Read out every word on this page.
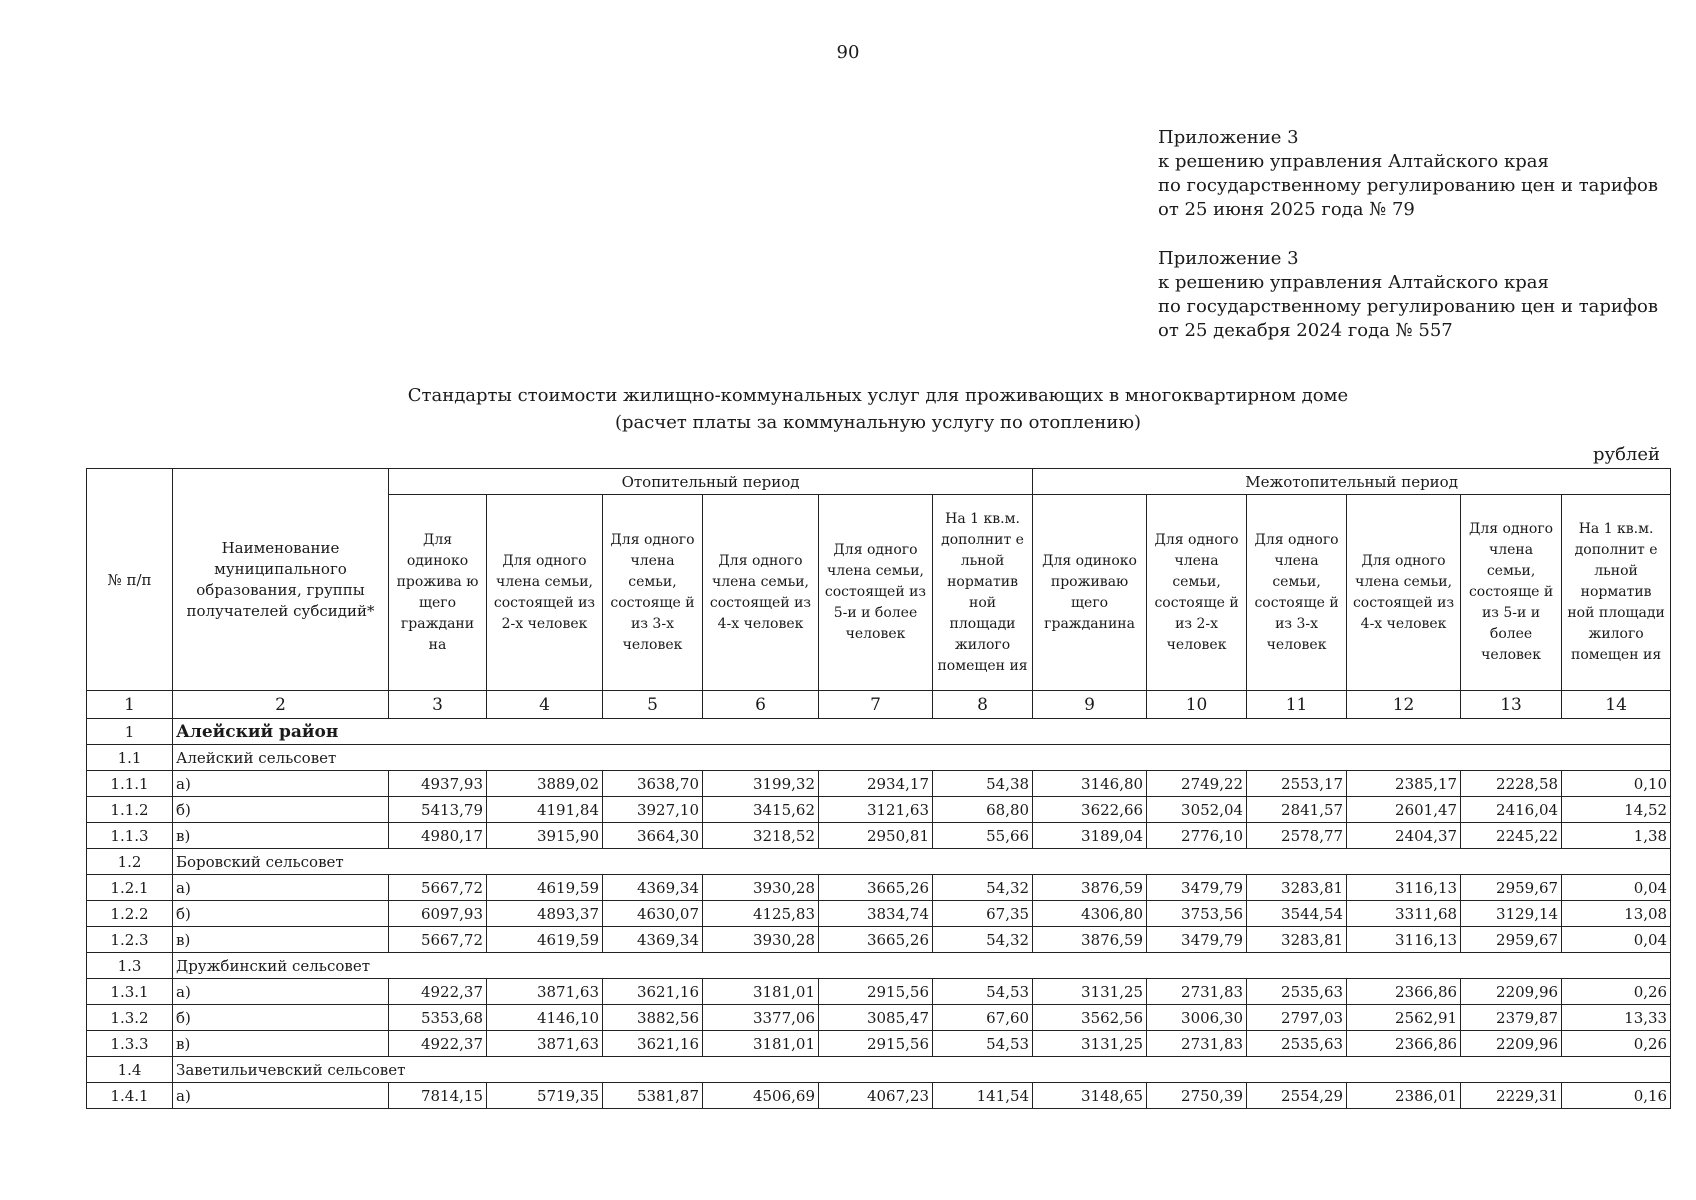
90
Приложение 3
к решению управления Алтайского края
по государственному регулированию цен и тарифов
от 25 июня 2025 года № 79
Приложение 3
к решению управления Алтайского края
по государственному регулированию цен и тарифов
от 25 декабря 2024 года № 557
Стандарты стоимости жилищно-коммунальных услуг для проживающих в многоквартирном доме
(расчет платы за коммунальную услугу по отоплению)
рублей
№ п/п	Наименование муниципального образования, группы получателей субсидий*	Отопительный период						Межотопительный период					
		Для одиноко прожива ю щего граждани на	Для одного члена семьи, состоящей из 2-х человек	Для одного члена семьи, состояще й из 3-х человек	Для одного члена семьи, состоящей из 4-х человек	Для одного члена семьи, состоящей из 5-и и более человек	На 1 кв.м. дополнит е льной норматив ной площади жилого помещен ия	Для одиноко проживаю щего гражданина	Для одного члена семьи, состояще й из 2-х человек	Для одного члена семьи, состояще й из 3-х человек	Для одного члена семьи, состоящей из 4-х человек	Для одного члена семьи, состояще й из 5-и и более человек	На 1 кв.м. дополнит е льной норматив ной площади жилого помещен ия
1	2	3	4	5	6	7	8	9	10	11	12	13	14
1	Алейский район												
1.1	Алейский сельсовет												
1.1.1	а)	4937,93	3889,02	3638,70	3199,32	2934,17	54,38	3146,80	2749,22	2553,17	2385,17	2228,58	0,10
1.1.2	б)	5413,79	4191,84	3927,10	3415,62	3121,63	68,80	3622,66	3052,04	2841,57	2601,47	2416,04	14,52
1.1.3	в)	4980,17	3915,90	3664,30	3218,52	2950,81	55,66	3189,04	2776,10	2578,77	2404,37	2245,22	1,38
1.2	Боровский сельсовет												
1.2.1	а)	5667,72	4619,59	4369,34	3930,28	3665,26	54,32	3876,59	3479,79	3283,81	3116,13	2959,67	0,04
1.2.2	б)	6097,93	4893,37	4630,07	4125,83	3834,74	67,35	4306,80	3753,56	3544,54	3311,68	3129,14	13,08
1.2.3	в)	5667,72	4619,59	4369,34	3930,28	3665,26	54,32	3876,59	3479,79	3283,81	3116,13	2959,67	0,04
1.3	Дружбинский сельсовет												
1.3.1	а)	4922,37	3871,63	3621,16	3181,01	2915,56	54,53	3131,25	2731,83	2535,63	2366,86	2209,96	0,26
1.3.2	б)	5353,68	4146,10	3882,56	3377,06	3085,47	67,60	3562,56	3006,30	2797,03	2562,91	2379,87	13,33
1.3.3	в)	4922,37	3871,63	3621,16	3181,01	2915,56	54,53	3131,25	2731,83	2535,63	2366,86	2209,96	0,26
1.4	Заветильичевский сельсовет												
1.4.1	а)	7814,15	5719,35	5381,87	4506,69	4067,23	141,54	3148,65	2750,39	2554,29	2386,01	2229,31	0,16
